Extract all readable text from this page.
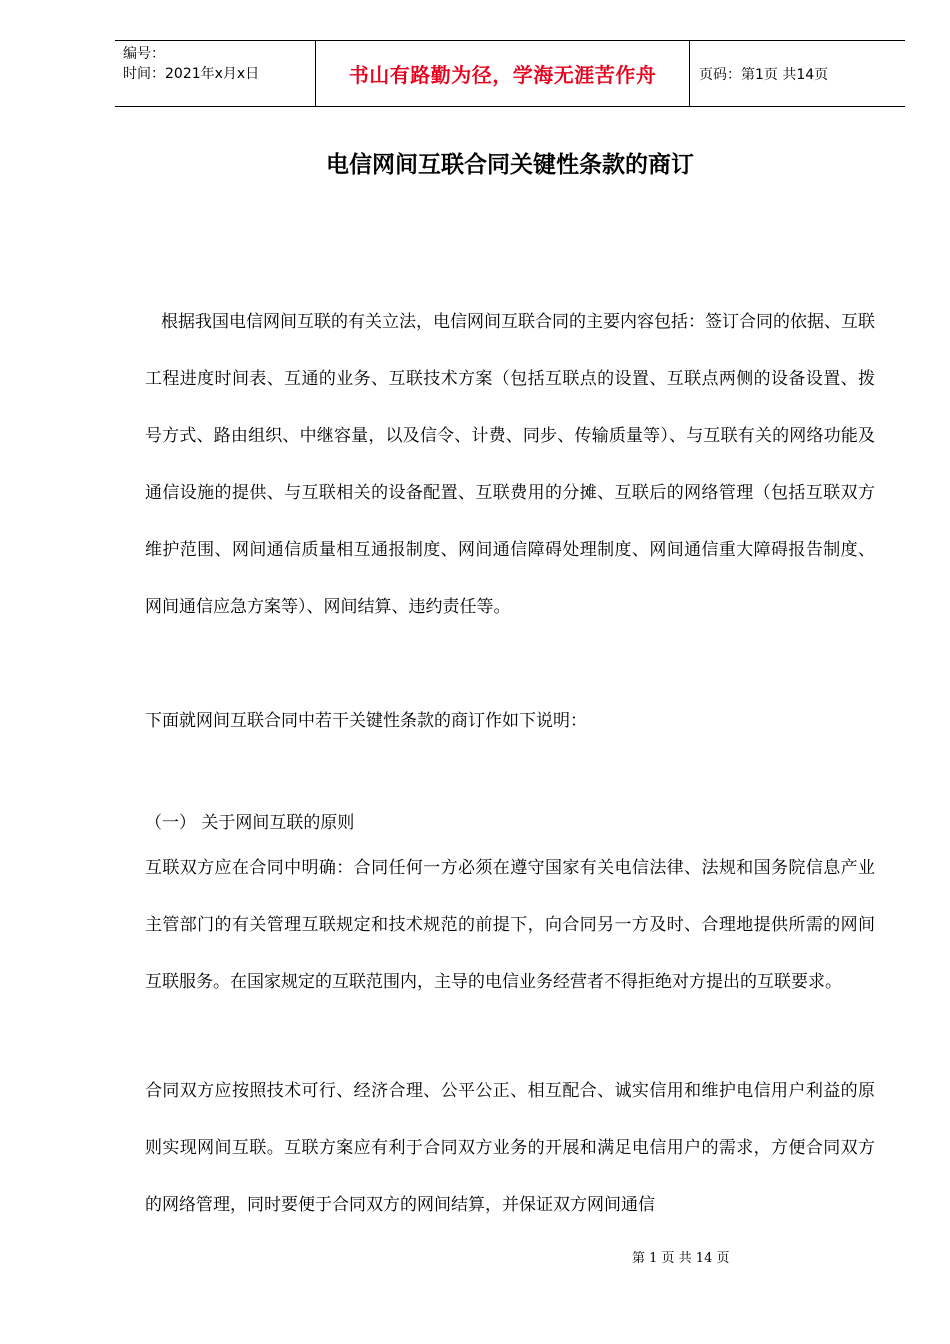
编号：
时间：2021年x月x日	书山有路勤为径，学海无涯苦作舟	页码：第1页 共14页
电信网间互联合同关键性条款的商订

根据我国电信网间互联的有关立法，电信网间互联合同的主要内容包括：签订合同的依据、互联工程进度时间表、互通的业务、互联技术方案（包括互联点的设置、互联点两侧的设备设置、拨号方式、路由组织、中继容量，以及信令、计费、同步、传输质量等）、与互联有关的网络功能及通信设施的提供、与互联相关的设备配置、互联费用的分摊、互联后的网络管理（包括互联双方维护范围、网间通信质量相互通报制度、网间通信障碍处理制度、网间通信重大障碍报告制度、网间通信应急方案等）、网间结算、违约责任等。

下面就网间互联合同中若干关键性条款的商订作如下说明：
（一） 关于网间互联的原则

互联双方应在合同中明确：合同任何一方必须在遵守国家有关电信法律、法规和国务院信息产业主管部门的有关管理互联规定和技术规范的前提下，向合同另一方及时、合理地提供所需的网间互联服务。在国家规定的互联范围内，主导的电信业务经营者不得拒绝对方提出的互联要求。

合同双方应按照技术可行、经济合理、公平公正、相互配合、诚实信用和维护电信用户利益的原则实现网间互联。互联方案应有利于合同双方业务的开展和满足电信用户的需求，方便合同双方的网络管理，同时要便于合同双方的网间结算，并保证双方网间通信

第 1 页 共 14 页
